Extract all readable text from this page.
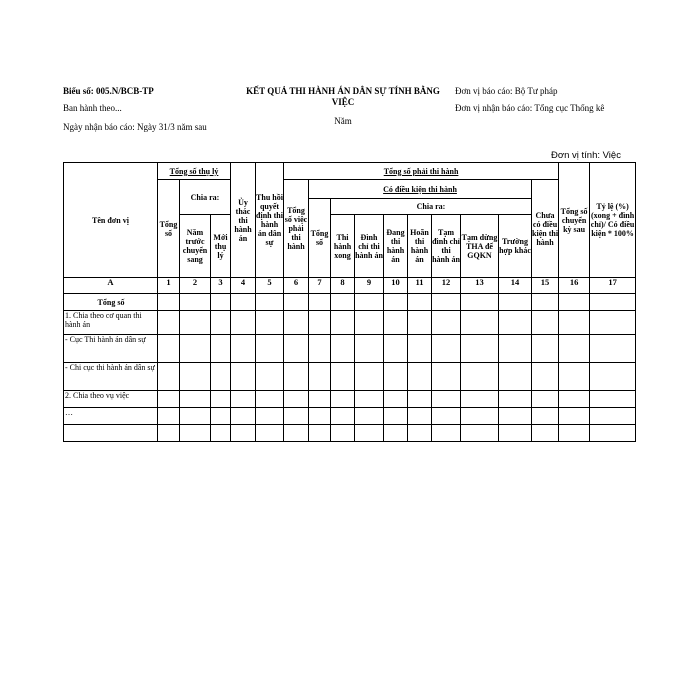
Biểu số: 005.N/BCB-TP
Ban hành theo...
Ngày nhận báo cáo: Ngày 31/3 năm sau
KẾT QUẢ THI HÀNH ÁN DÂN SỰ TÍNH BẰNG VIỆC
Năm
Đơn vị báo cáo: Bộ Tư pháp
Đơn vị nhận báo cáo: Tổng cục Thống kê
Đơn vị tính: Việc
Tên đơn vị	Tổng số thụ lý			Ủy thác thi hành án	Thu hồi quyết định thi hành án dân sự	Tổng số phải thi hành										Tổng số chuyển kỳ sau	Tỷ lệ (%) (xong + đình chỉ)/ Có điều kiện * 100%
	Tổng số	Chia ra:				Tổng số việc phải thi hành	Có điều kiện thi hành								Chưa có điều kiện thi hành		
							Tổng số	Chia ra:									
		Năm trước chuyển sang	Mới thụ lý					Thi hành xong	Đình chỉ thi hành án	Đang thi hành án	Hoãn thi hành án	Tạm đình chỉ thi hành án	Tạm dừng THA để GQKN	Trường hợp khác			
A	1	2	3	4	5	6	7	8	9	10	11	12	13	14	15	16	17
Tổng số																	
1. Chia theo cơ quan thi hành án																	
- Cục Thi hành án dân sự																	
- Chi cục thi hành án dân sự																	
2. Chia theo vụ việc																	
…																	
